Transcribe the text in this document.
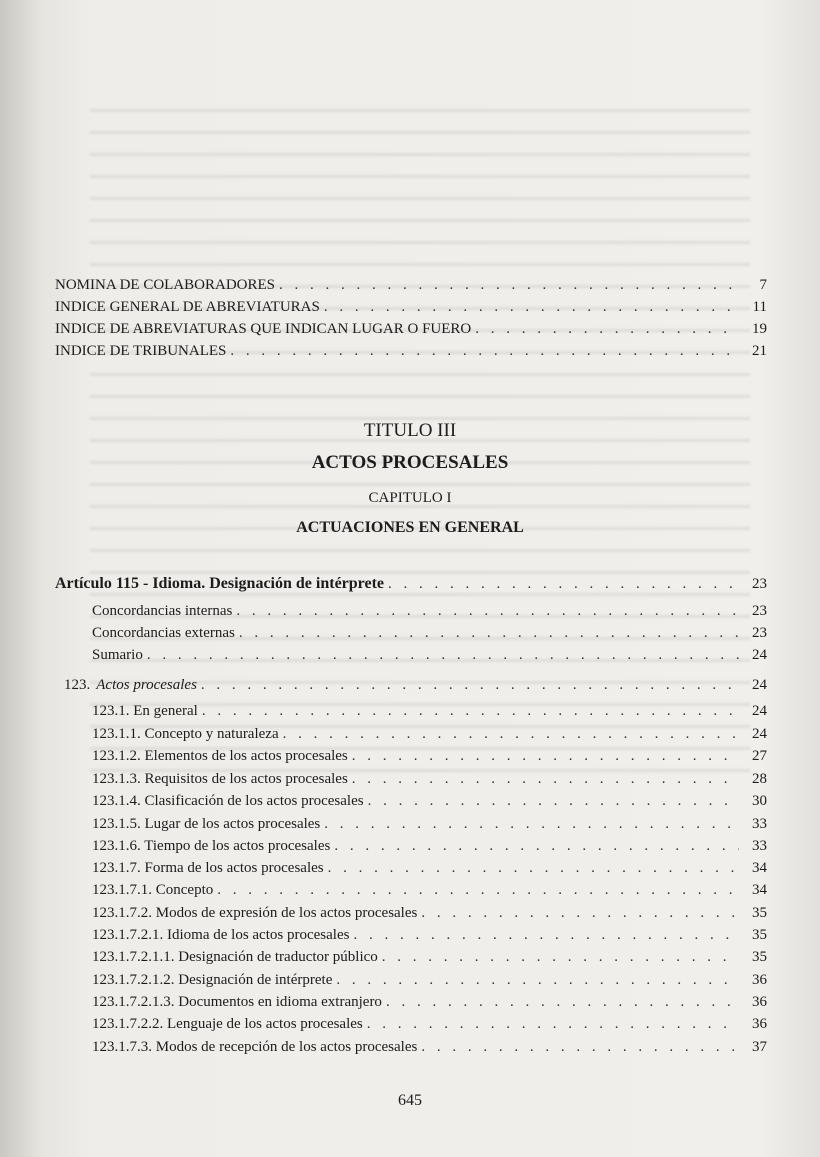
NOMINA DE COLABORADORES . . .	7
INDICE GENERAL DE ABREVIATURAS . . .	11
INDICE DE ABREVIATURAS QUE INDICAN LUGAR O FUERO . . .	19
INDICE DE TRIBUNALES . . .	21
TITULO III
ACTOS PROCESALES
CAPITULO I
ACTUACIONES EN GENERAL
Artículo 115 - Idioma. Designación de intérprete . . .	23
Concordancias internas . . .	23
Concordancias externas . . .	23
Sumario . . .	24
123. Actos procesales . . .	24
123.1. En general . . .	24
123.1.1. Concepto y naturaleza . . .	24
123.1.2. Elementos de los actos procesales . . .	27
123.1.3. Requisitos de los actos procesales . . .	28
123.1.4. Clasificación de los actos procesales . . .	30
123.1.5. Lugar de los actos procesales . . .	33
123.1.6. Tiempo de los actos procesales . . .	33
123.1.7. Forma de los actos procesales . . .	34
123.1.7.1. Concepto . . .	34
123.1.7.2. Modos de expresión de los actos procesales . . .	35
123.1.7.2.1. Idioma de los actos procesales . . .	35
123.1.7.2.1.1. Designación de traductor público . . .	35
123.1.7.2.1.2. Designación de intérprete . . .	36
123.1.7.2.1.3. Documentos en idioma extranjero . . .	36
123.1.7.2.2. Lenguaje de los actos procesales . . .	36
123.1.7.3. Modos de recepción de los actos procesales . . .	37
645
